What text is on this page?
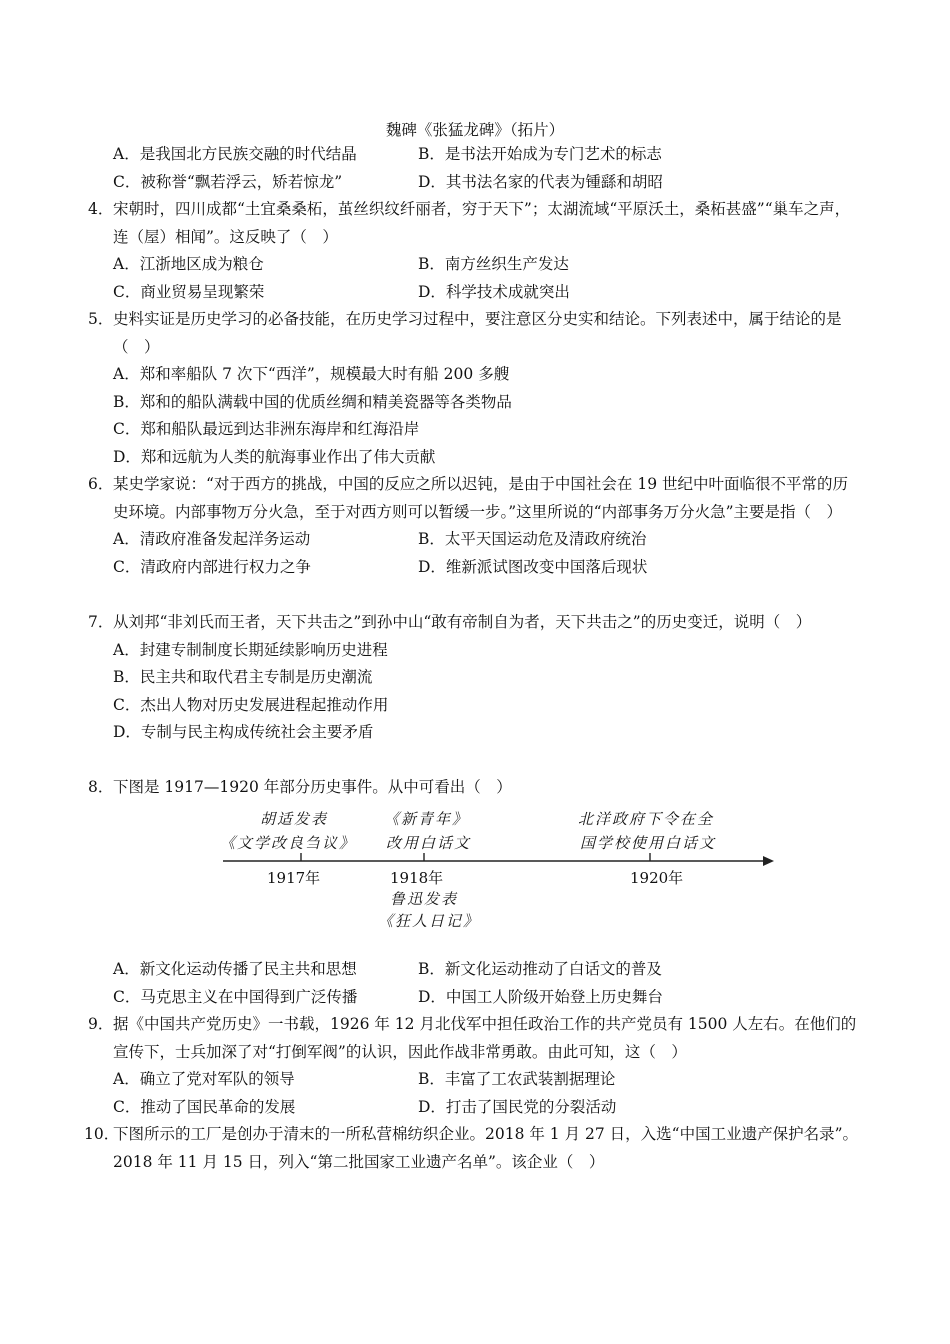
魏碑《张猛龙碑》（拓片）
A．是我国北方民族交融的时代结晶	B．是书法开始成为专门艺术的标志
C．被称誉“飘若浮云，矫若惊龙”	D．其书法名家的代表为锺繇和胡昭
4． 宋朝时，四川成都“土宜桑桑柘，茧丝织纹纤丽者，穷于天下”；太湖流域“平原沃土，桑柘甚盛”“巢车之声，连（屋）相闻”。这反映了（　）
A．江浙地区成为粮仓	B．南方丝织生产发达
C．商业贸易呈现繁荣	D．科学技术成就突出
5． 史料实证是历史学习的必备技能，在历史学习过程中，要注意区分史实和结论。下列表述中，属于结论的是（　）
A．郑和率船队 7 次下“西洋”，规模最大时有船 200 多艘
B．郑和的船队满载中国的优质丝绸和精美瓷器等各类物品
C．郑和船队最远到达非洲东海岸和红海沿岸
D．郑和远航为人类的航海事业作出了伟大贡献
6． 某史学家说：“对于西方的挑战，中国的反应之所以迟钝，是由于中国社会在 19 世纪中叶面临很不平常的历史环境。内部事物万分火急，至于对西方则可以暂缓一步。”这里所说的“内部事务万分火急”主要是指（　）
A．清政府准备发起洋务运动	B．太平天国运动危及清政府统治
C．清政府内部进行权力之争	D．维新派试图改变中国落后现状
7． 从刘邦“非刘氏而王者，天下共击之”到孙中山“敢有帝制自为者，天下共击之”的历史变迁，说明（　）
A．封建专制制度长期延续影响历史进程
B．民主共和取代君主专制是历史潮流
C．杰出人物对历史发展进程起推动作用
D．专制与民主构成传统社会主要矛盾
8． 下图是 1917—1920 年部分历史事件。从中可看出（　）
胡适发表
《文学改良刍议》
《新青年》
改用白话文
北洋政府下令在全
国学校使用白话文
1917年	1918年	1920年
鲁迅发表
《狂人日记》
A．新文化运动传播了民主共和思想	B．新文化运动推动了白话文的普及
C．马克思主义在中国得到广泛传播	D．中国工人阶级开始登上历史舞台
9． 据《中国共产党历史》一书载，1926 年 12 月北伐军中担任政治工作的共产党员有 1500 人左右。在他们的宣传下，士兵加深了对“打倒军阀”的认识，因此作战非常勇敢。由此可知，这（　）
A．确立了党对军队的领导	B．丰富了工农武装割据理论
C．推动了国民革命的发展	D．打击了国民党的分裂活动
10．
下图所示的工厂是创办于清末的一所私营棉纺织企业。2018 年 1 月 27 日，入选“中国工业遗产保护名录”。2018 年 11 月 15 日，列入“第二批国家工业遗产名单”。该企业（　）
